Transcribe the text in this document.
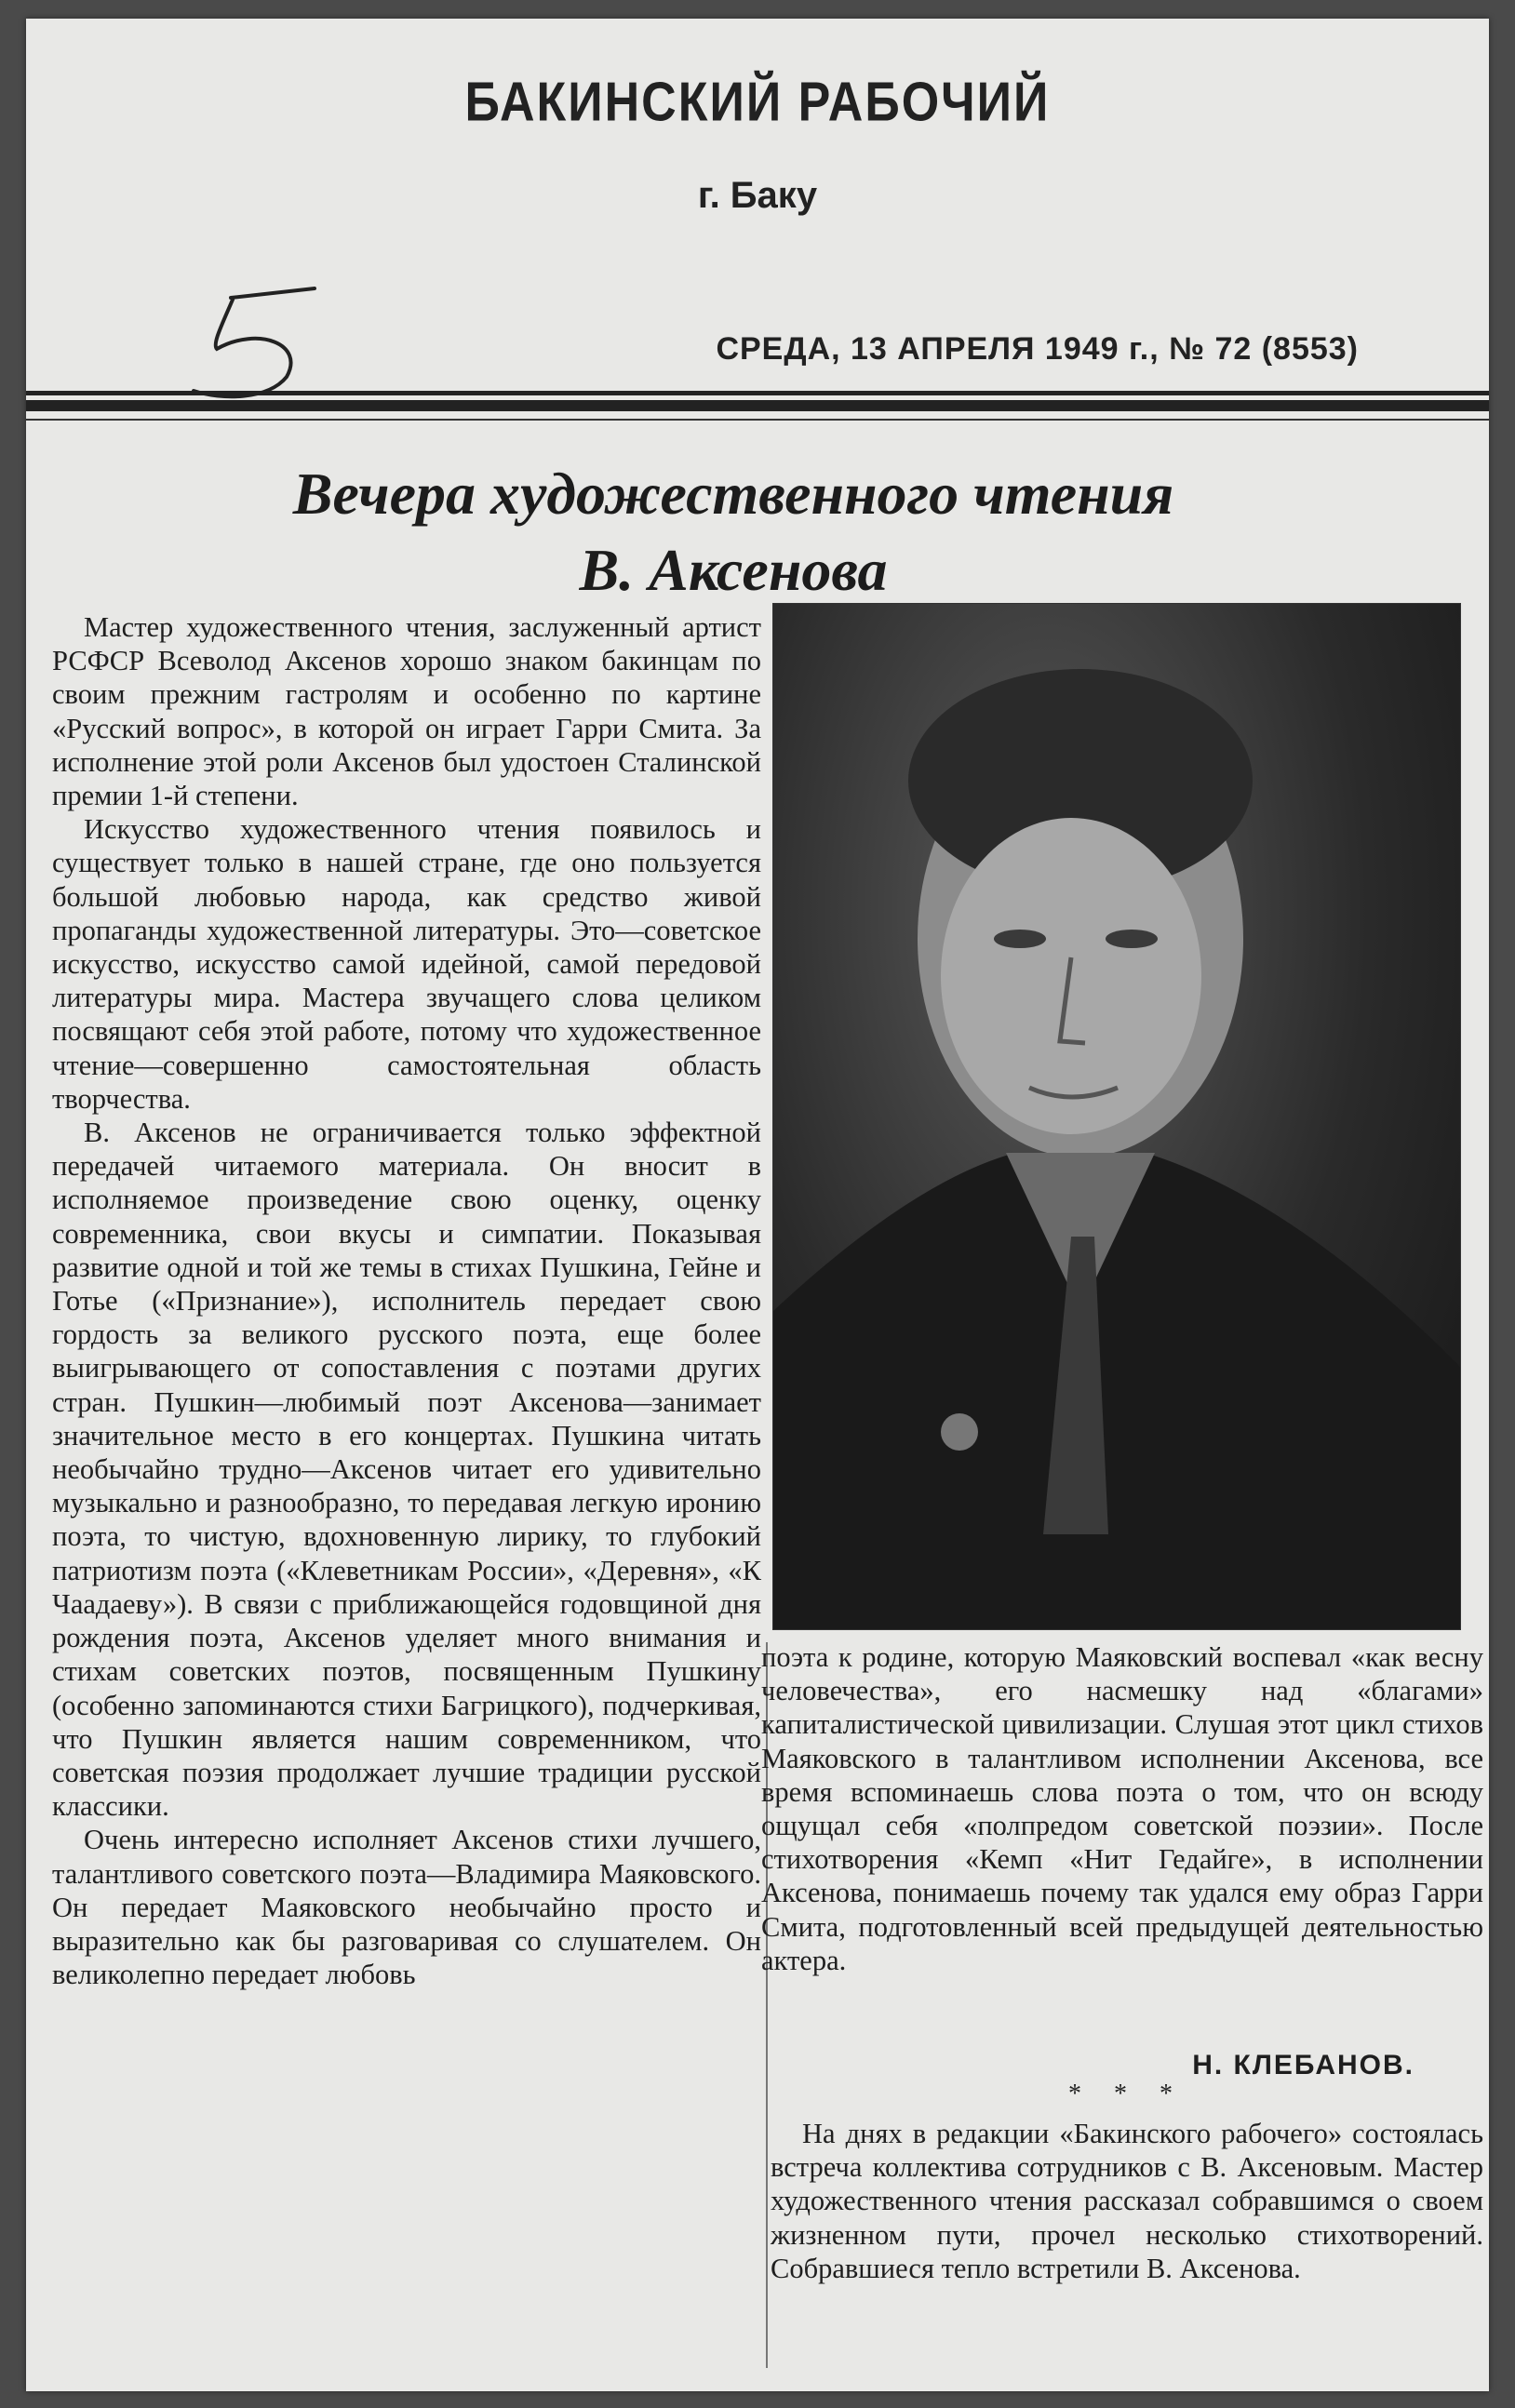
БАКИНСКИЙ РАБОЧИЙ
г. Баку
СРЕДА, 13 АПРЕЛЯ 1949 г., № 72 (8553)
Вечера художественного чтения
В. Аксенова

Мастер художественного чтения, заслуженный артист РСФСР Всеволод Аксенов хорошо знаком бакинцам по своим прежним гастролям и особенно по картине «Русский вопрос», в которой он играет Гарри Смита. За исполнение этой роли Аксенов был удостоен Сталинской премии 1-й степени.

Искусство художественного чтения появилось и существует только в нашей стране, где оно пользуется большой любовью народа, как средство живой пропаганды художественной литературы. Это—советское искусство, искусство самой идейной, самой передовой литературы мира. Мастера звучащего слова целиком посвящают себя этой работе, потому что художественное чтение—совершенно самостоятельная область творчества.

В. Аксенов не ограничивается только эффектной передачей читаемого материала. Он вносит в исполняемое произведение свою оценку, оценку современника, свои вкусы и симпатии. Показывая развитие одной и той же темы в стихах Пушкина, Гейне и Готье («Признание»), исполнитель передает свою гордость за великого русского поэта, еще более выигрывающего от сопоставления с поэтами других стран. Пушкин—любимый поэт Аксенова—занимает значительное место в его концертах. Пушкина читать необычайно трудно—Аксенов читает его удивительно музыкально и разнообразно, то передавая легкую иронию поэта, то чистую, вдохновенную лирику, то глубокий патриотизм поэта («Клеветникам России», «Деревня», «К Чаадаеву»). В связи с приближающейся годовщиной дня рождения поэта, Аксенов уделяет много внимания и стихам советских поэтов, посвященным Пушкину (особенно запоминаются стихи Багрицкого), подчеркивая, что Пушкин является нашим современником, что советская поэзия продолжает лучшие традиции русской классики.

Очень интересно исполняет Аксенов стихи лучшего, талантливого советского поэта—Владимира Маяковского. Он передает Маяковского необычайно просто и выразительно как бы разговаривая со слушателем. Он великолепно передает любовь

поэта к родине, которую Маяковский воспевал «как весну человечества», его насмешку над «благами» капиталистической цивилизации. Слушая этот цикл стихов Маяковского в талантливом исполнении Аксенова, все время вспоминаешь слова поэта о том, что он всюду ощущал себя «полпредом советской поэзии». После стихотворения «Кемп «Нит Гедайге», в исполнении Аксенова, понимаешь почему так удался ему образ Гарри Смита, подготовленный всей предыдущей деятельностью актера.

Н. КЛЕБАНОВ.
* * *

На днях в редакции «Бакинского рабочего» состоялась встреча коллектива сотрудников с В. Аксеновым. Мастер художественного чтения рассказал собравшимся о своем жизненном пути, прочел несколько стихотворений. Собравшиеся тепло встретили В. Аксенова.
